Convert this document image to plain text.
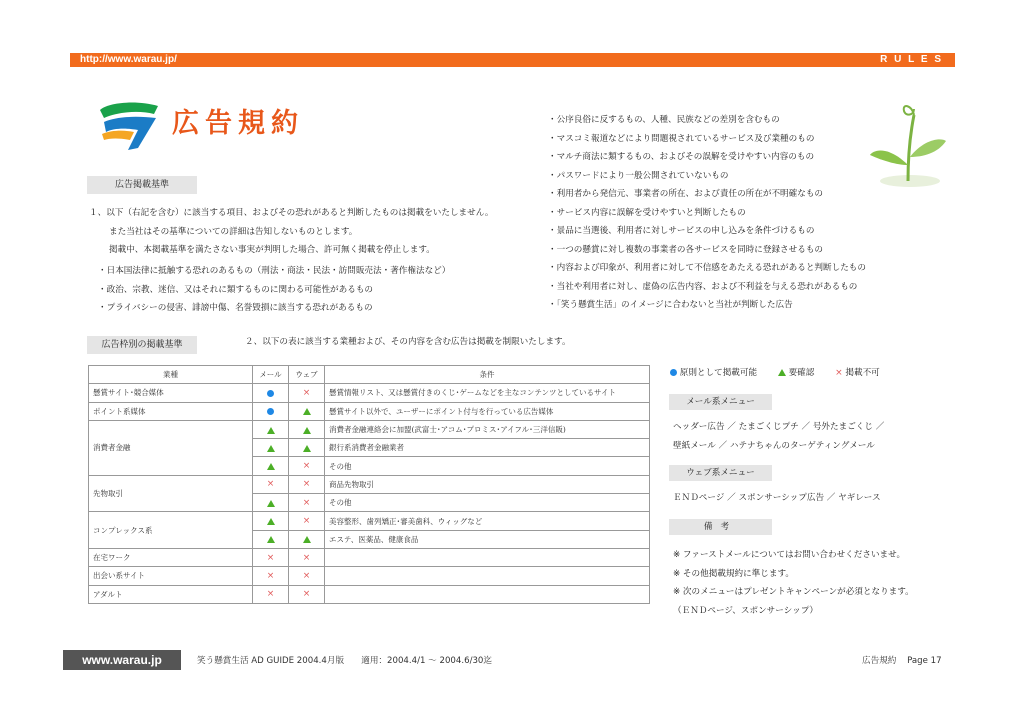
http://www.warau.jp/	R U L E S
広告規約
広告掲載基準
１、以下（右記を含む）に該当する項目、およびその恐れがあると判断したものは掲載をいたしません。
また当社はその基準についての詳細は告知しないものとします。
掲載中、本掲載基準を満たさない事実が判明した場合、許可無く掲載を停止します。
・日本国法律に抵触する恐れのあるもの（刑法・商法・民法・訪問販売法・著作権法など）
・政治、宗教、迷信、又はそれに類するものに関わる可能性があるもの
・プライバシーの侵害、誹謗中傷、名誉毀損に該当する恐れがあるもの
・公序良俗に反するもの、人種、民族などの差別を含むもの
・マスコミ報道などにより問題視されているサービス及び業種のもの
・マルチ商法に類するもの、およびその誤解を受けやすい内容のもの
・パスワードにより一般公開されていないもの
・利用者から発信元、事業者の所在、および責任の所在が不明確なもの
・サービス内容に誤解を受けやすいと判断したもの
・景品に当選後、利用者に対しサービスの申し込みを条件づけるもの
・一つの懸賞に対し複数の事業者の各サービスを同時に登録させるもの
・内容および印象が、利用者に対して不信感をあたえる恐れがあると判断したもの
・当社や利用者に対し、虚偽の広告内容、および不利益を与える恐れがあるもの
・「笑う懸賞生活」のイメージに合わないと当社が判断した広告
広告枠別の掲載基準	２、以下の表に該当する業種および、その内容を含む広告は掲載を制限いたします。
業種	メール	ウェブ	条件
懸賞サイト･競合媒体		×	懸賞情報リスト、又は懸賞付きのくじ･ゲームなどを主なコンテンツとしているサイト
ポイント系媒体			懸賞サイト以外で、ユーザーにポイント付与を行っている広告媒体
消費者金融			消費者金融連絡会に加盟(武富士･アコム･プロミス･アイフル･三洋信販)
			銀行系消費者金融業者
		×	その他
先物取引	×	×	商品先物取引
		×	その他
コンプレックス系		×	美容整形、歯列矯正･審美歯科、ウィッグなど
			エステ、医薬品、健康食品
在宅ワーク	×	×	
出会い系サイト	×	×	
アダルト	×	×	
原則として掲載可能	要確認 × 掲載不可
メール系メニュー
ヘッダー広告 ／ たまごくじプチ ／ 号外たまごくじ ／
壁紙メール ／ ハテナちゃんのターゲティングメール
ウェブ系メニュー
ＥＮＤページ ／ スポンサーシップ広告 ／ ヤギレース
備考
※ ファーストメールについてはお問い合わせくださいませ。
※ その他掲載規約に準じます。
※ 次のメニューはプレゼントキャンペーンが必須となります。
（ＥＮＤページ、スポンサーシップ）
www.warau.jp	笑う懸賞生活 AD GUIDE 2004.4月版　　適用：2004.4/1 〜 2004.6/30迄	広告規約 Page 17
